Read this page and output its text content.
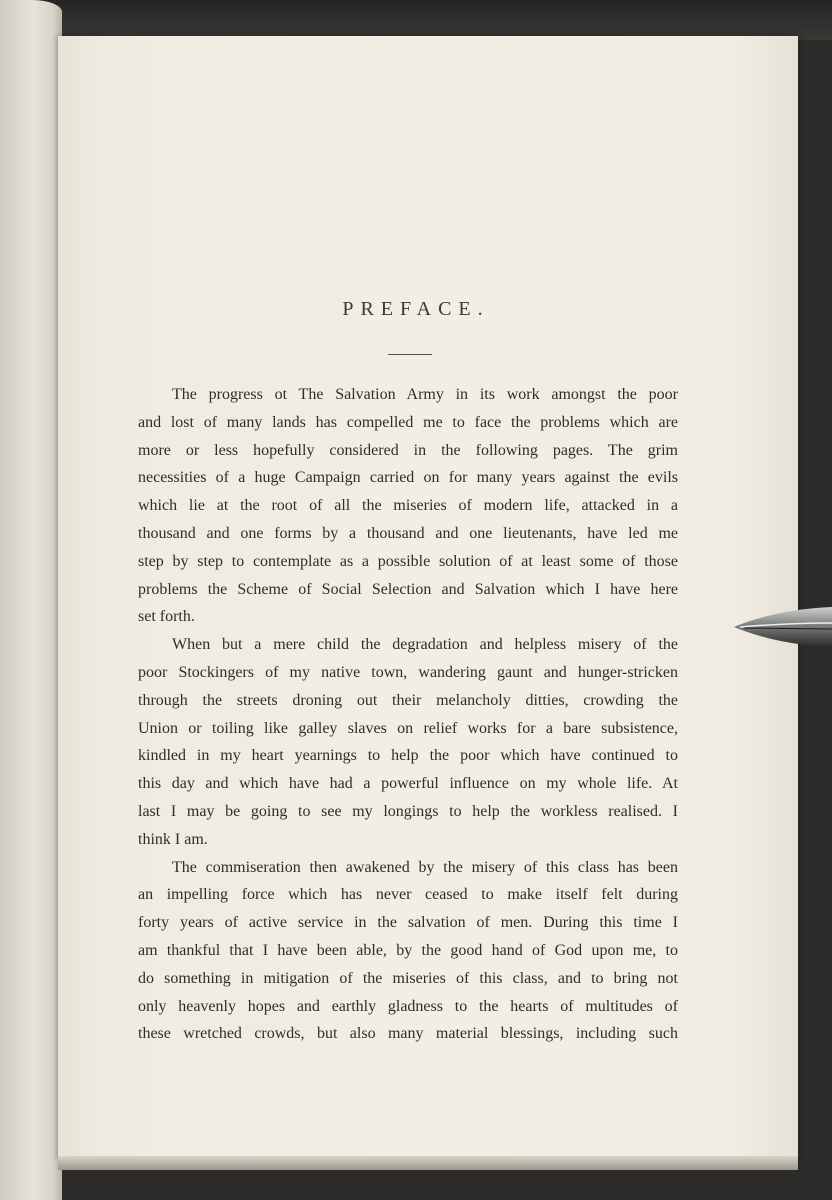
PREFACE.

The progress ot The Salvation Army in its work amongst the poor
and lost of many lands has compelled me to face the problems which are
more or less hopefully considered in the following pages. The grim
necessities of a huge Campaign carried on for many years against the evils
which lie at the root of all the miseries of modern life, attacked in a
thousand and one forms by a thousand and one lieutenants, have led me
step by step to contemplate as a possible solution of at least some of those
problems the Scheme of Social Selection and Salvation which I have here
set forth.

When but a mere child the degradation and helpless misery of the
poor Stockingers of my native town, wandering gaunt and hunger-stricken
through the streets droning out their melancholy ditties, crowding the
Union or toiling like galley slaves on relief works for a bare subsistence,
kindled in my heart yearnings to help the poor which have continued to
this day and which have had a powerful influence on my whole life. At
last I may be going to see my longings to help the workless realised. I
think I am.

The commiseration then awakened by the misery of this class has been
an impelling force which has never ceased to make itself felt during
forty years of active service in the salvation of men. During this time I
am thankful that I have been able, by the good hand of God upon me, to
do something in mitigation of the miseries of this class, and to bring not
only heavenly hopes and earthly gladness to the hearts of multitudes of
these wretched crowds, but also many material blessings, including such
